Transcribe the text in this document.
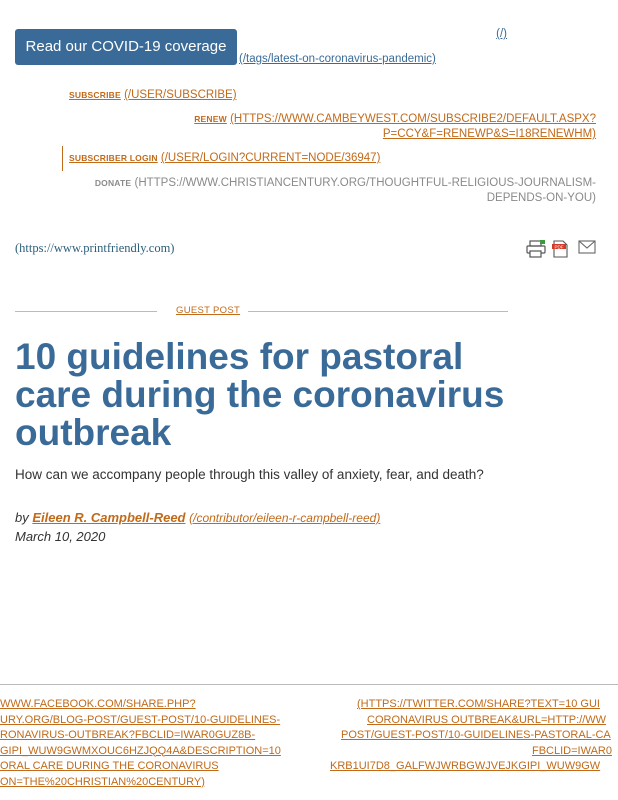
Read our COVID-19 coverage
(/tags/latest-on-coronavirus-pandemic)
(/)
SUBSCRIBE (/USER/SUBSCRIBE)
RENEW (HTTPS://WWW.CAMBEYWEST.COM/SUBSCRIBE2/DEFAULT.ASPX?
P=CCY&F=RENEWP&S=I18RENEWHM)
SUBSCRIBER LOGIN (/USER/LOGIN?CURRENT=NODE/36947)
DONATE (HTTPS://WWW.CHRISTIANCENTURY.ORG/THOUGHTFUL-RELIGIOUS-JOURNALISM-
DEPENDS-ON-YOU)
(https://www.printfriendly.com)	PDF
GUEST POST
10 guidelines for pastoral care during the coronavirus outbreak
How can we accompany people through this valley of anxiety, fear, and death?
by Eileen R. Campbell-Reed (/contributor/eileen-r-campbell-reed)
March 10, 2020
WWW.FACEBOOK.COM/SHARE.PHP?
URY.ORG/BLOG-POST/GUEST-POST/10-GUIDELINES-
RONAVIRUS-OUTBREAK?FBCLID=IWAR0GUZ8B-
GIPI_WUW9GWMXOUC6HZJQQ4A&DESCRIPTION=10
ORAL CARE DURING THE CORONAVIRUS
ON=THE%20CHRISTIAN%20CENTURY)
(HTTPS://TWITTER.COM/SHARE?TEXT=10 GUI
CORONAVIRUS OUTBREAK&URL=HTTP://WW
POST/GUEST-POST/10-GUIDELINES-PASTORAL-CA
FBCLID=IWAR0
KRB1UI7D8_GALFWJWRBGWJVEJKGIPI_WUW9GW
